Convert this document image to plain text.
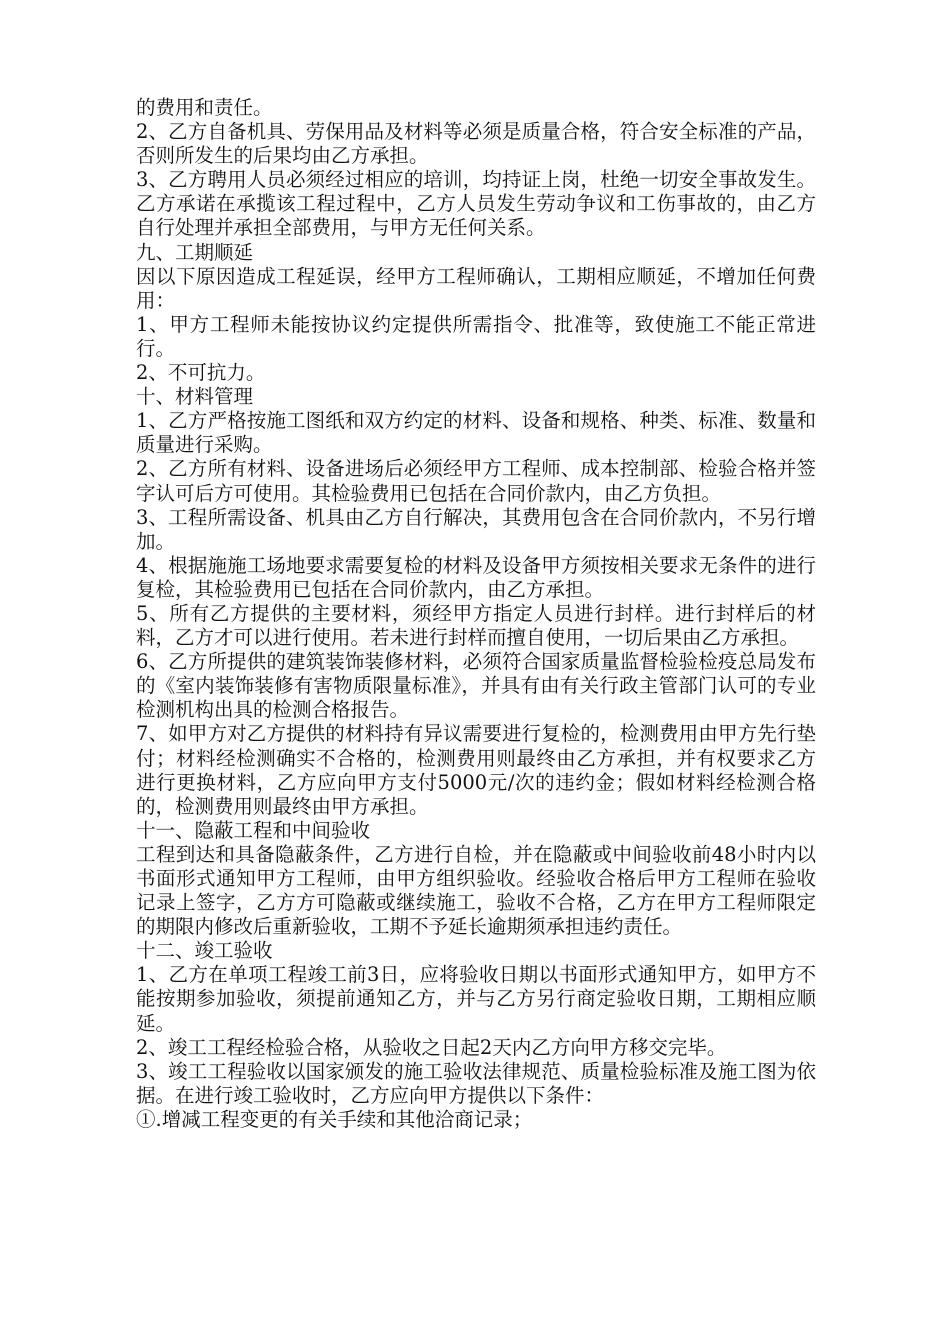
的费用和责任。

2、乙方自备机具、劳保用品及材料等必须是质量合格，符合安全标准的产品，否则所发生的后果均由乙方承担。

3、乙方聘用人员必须经过相应的培训，均持证上岗，杜绝一切安全事故发生。乙方承诺在承揽该工程过程中，乙方人员发生劳动争议和工伤事故的，由乙方自行处理并承担全部费用，与甲方无任何关系。

九、工期顺延

因以下原因造成工程延误，经甲方工程师确认，工期相应顺延，不增加任何费用：

1、甲方工程师未能按协议约定提供所需指令、批准等，致使施工不能正常进行。

2、不可抗力。

十、材料管理

1、乙方严格按施工图纸和双方约定的材料、设备和规格、种类、标准、数量和质量进行采购。

2、乙方所有材料、设备进场后必须经甲方工程师、成本控制部、检验合格并签字认可后方可使用。其检验费用已包括在合同价款内，由乙方负担。

3、工程所需设备、机具由乙方自行解决，其费用包含在合同价款内，不另行增加。

4、根据施施工场地要求需要复检的材料及设备甲方须按相关要求无条件的进行复检，其检验费用已包括在合同价款内，由乙方承担。

5、所有乙方提供的主要材料，须经甲方指定人员进行封样。进行封样后的材料，乙方才可以进行使用。若未进行封样而擅自使用，一切后果由乙方承担。

6、乙方所提供的建筑装饰装修材料，必须符合国家质量监督检验检疫总局发布的《室内装饰装修有害物质限量标准》，并具有由有关行政主管部门认可的专业检测机构出具的检测合格报告。

7、如甲方对乙方提供的材料持有异议需要进行复检的，检测费用由甲方先行垫付；材料经检测确实不合格的，检测费用则最终由乙方承担，并有权要求乙方进行更换材料，乙方应向甲方支付5000元/次的违约金；假如材料经检测合格的，检测费用则最终由甲方承担。

十一、隐蔽工程和中间验收

工程到达和具备隐蔽条件，乙方进行自检，并在隐蔽或中间验收前48小时内以书面形式通知甲方工程师，由甲方组织验收。经验收合格后甲方工程师在验收记录上签字，乙方方可隐蔽或继续施工，验收不合格，乙方在甲方工程师限定的期限内修改后重新验收，工期不予延长逾期须承担违约责任。

十二、竣工验收

1、乙方在单项工程竣工前3日，应将验收日期以书面形式通知甲方，如甲方不能按期参加验收，须提前通知乙方，并与乙方另行商定验收日期，工期相应顺延。

2、竣工工程经检验合格，从验收之日起2天内乙方向甲方移交完毕。

3、竣工工程验收以国家颁发的施工验收法律规范、质量检验标准及施工图为依据。在进行竣工验收时，乙方应向甲方提供以下条件：

①.增减工程变更的有关手续和其他洽商记录；
